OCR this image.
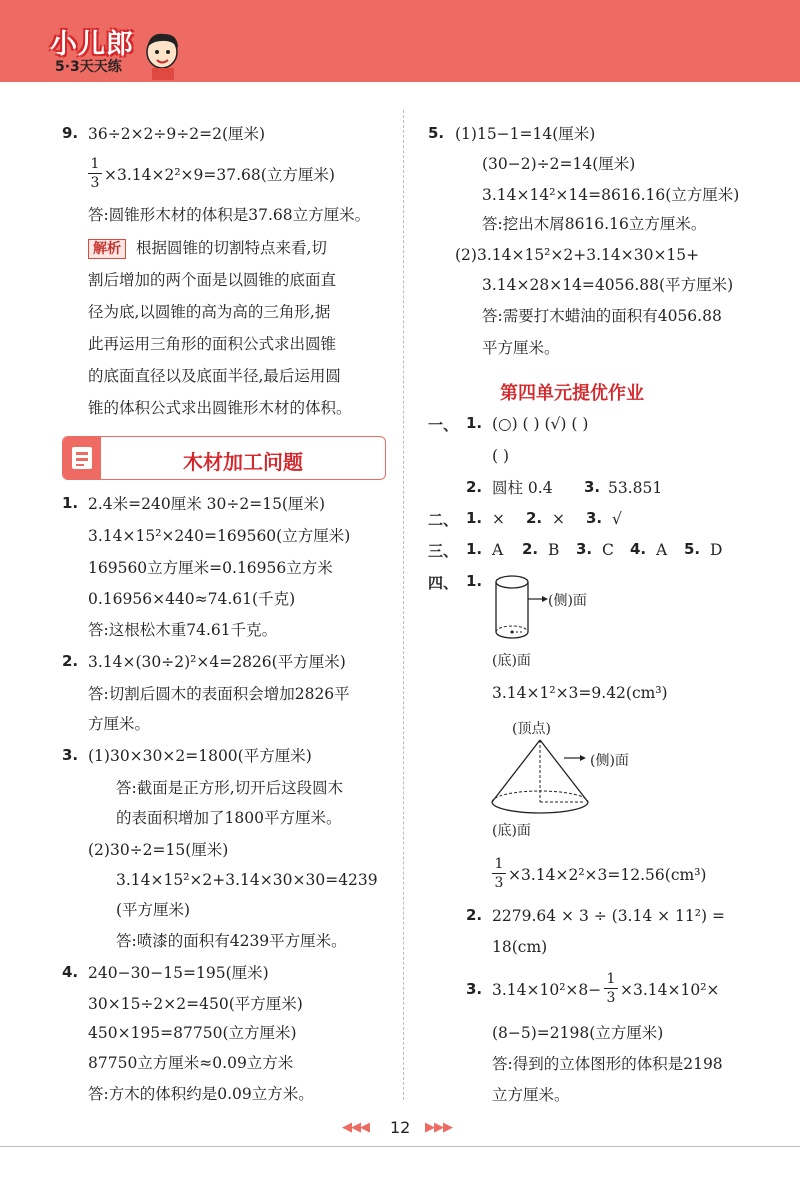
小儿郎
5·3天天练
9. 36÷2×2÷9÷2=2(厘米)
1
3 ×3.14×2²×9=37.68(立方厘米)
答:圆锥形木材的体积是37.68立方厘米。
解析 根据圆锥的切割特点来看,切
割后增加的两个面是以圆锥的底面直
径为底,以圆锥的高为高的三角形,据
此再运用三角形的面积公式求出圆锥
的底面直径以及底面半径,最后运用圆
锥的体积公式求出圆锥形木材的体积。
木材加工问题
1. 2.4米=240厘米 30÷2=15(厘米)
3.14×15²×240=169560(立方厘米)
169560立方厘米=0.16956立方米
0.16956×440≈74.61(千克)
答:这根松木重74.61千克。
2. 3.14×(30÷2)²×4=2826(平方厘米)
答:切割后圆木的表面积会增加2826平
方厘米。
3. (1)30×30×2=1800(平方厘米)
答:截面是正方形,切开后这段圆木
的表面积增加了1800平方厘米。
(2)30÷2=15(厘米)
3.14×15²×2+3.14×30×30=4239
(平方厘米)
答:喷漆的面积有4239平方厘米。
4. 240−30−15=195(厘米)
30×15÷2×2=450(平方厘米)
450×195=87750(立方厘米)
87750立方厘米≈0.09立方米
答:方木的体积约是0.09立方米。
5. (1)15−1=14(厘米)
(30−2)÷2=14(厘米)
3.14×14²×14=8616.16(立方厘米)
答:挖出木屑8616.16立方厘米。
(2)3.14×15²×2+3.14×30×15+
3.14×28×14=4056.88(平方厘米)
答:需要打木蜡油的面积有4056.88
平方厘米。
第四单元提优作业
一、 1. (○) ( ) (√) ( )
( )
2. 圆柱 0.4 3. 53.851
二、 1. × 2. × 3. √
三、 1. A 2. B 3. C 4. A 5. D
四、 1.
(侧)面
(底)面
3.14×1²×3=9.42(cm³)
(顶点)
(侧)面
(底)面
1
3 ×3.14×2²×3=12.56(cm³)
2. 2279.64 × 3 ÷ (3.14 × 11²) =
18(cm)
3. 3.14×10²×8−
1
3 ×3.14×10²×
(8−5)=2198(立方厘米)
答:得到的立体图形的体积是2198
立方厘米。
◀◀◀ 12 ▶▶▶
